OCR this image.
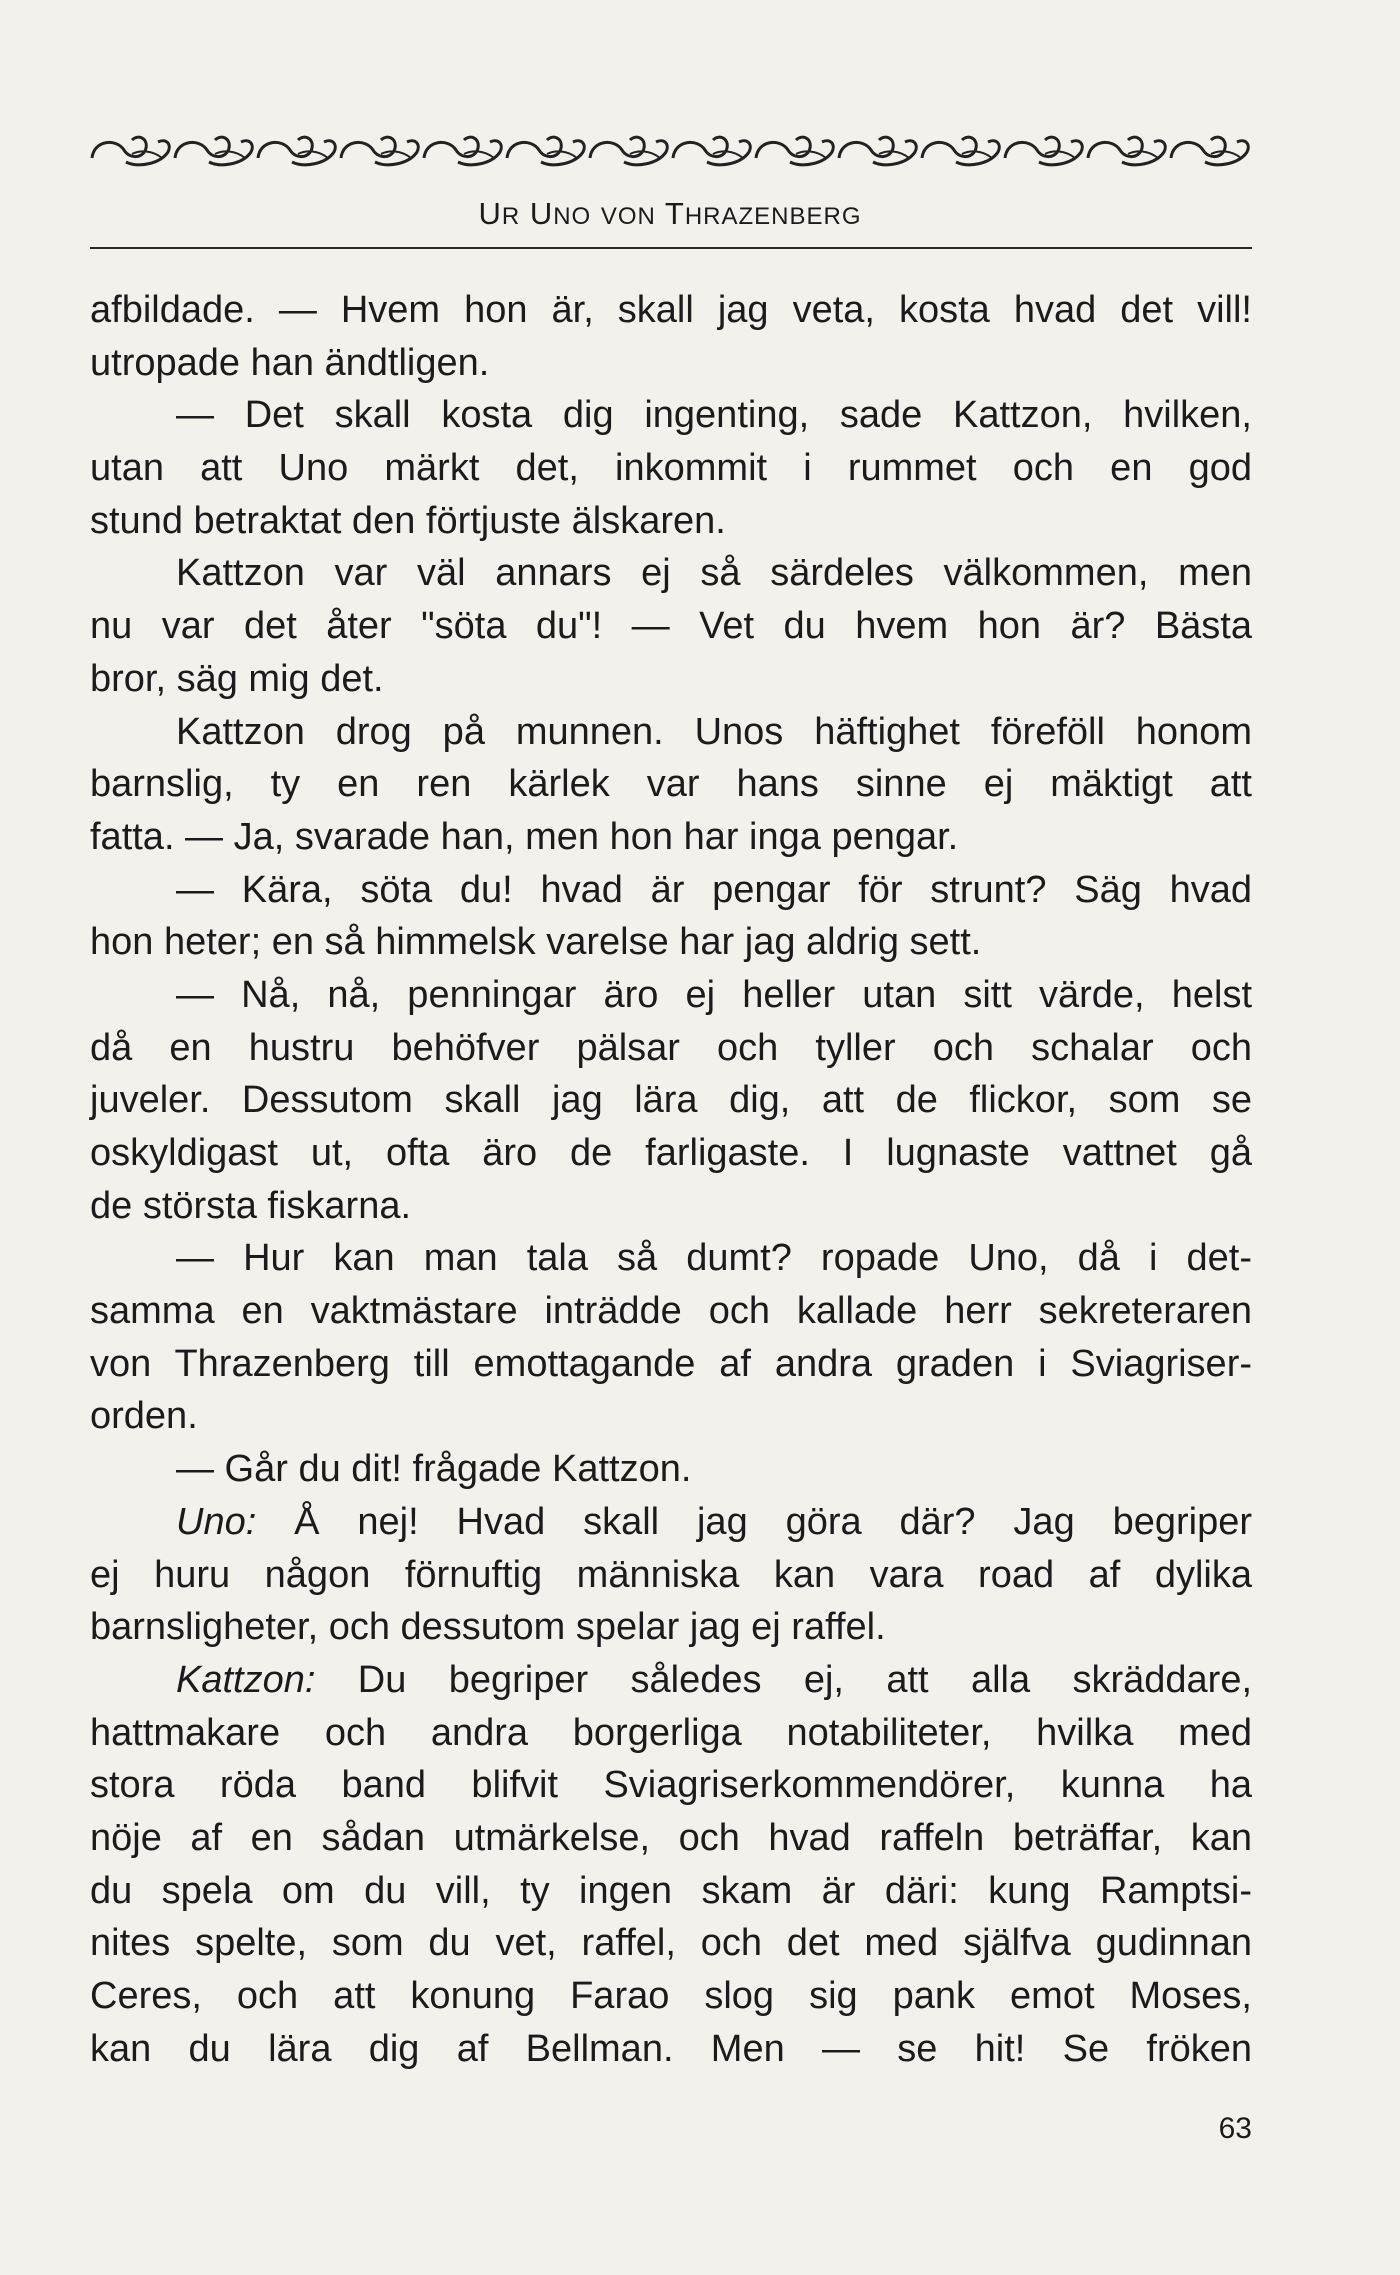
UR UNO VON THRAZENBERG
afbildade. — Hvem hon är, skall jag veta, kosta hvad det vill!
utropade han ändtligen.
— Det skall kosta dig ingenting, sade Kattzon, hvilken,
utan att Uno märkt det, inkommit i rummet och en god
stund betraktat den förtjuste älskaren.
Kattzon var väl annars ej så särdeles välkommen, men
nu var det åter "söta du"! — Vet du hvem hon är? Bästa
bror, säg mig det.
Kattzon drog på munnen. Unos häftighet föreföll honom
barnslig, ty en ren kärlek var hans sinne ej mäktigt att
fatta. — Ja, svarade han, men hon har inga pengar.
— Kära, söta du! hvad är pengar för strunt? Säg hvad
hon heter; en så himmelsk varelse har jag aldrig sett.
— Nå, nå, penningar äro ej heller utan sitt värde, helst
då en hustru behöfver pälsar och tyller och schalar och
juveler. Dessutom skall jag lära dig, att de flickor, som se
oskyldigast ut, ofta äro de farligaste. I lugnaste vattnet gå
de största fiskarna.
— Hur kan man tala så dumt? ropade Uno, då i det-
samma en vaktmästare inträdde och kallade herr sekreteraren
von Thrazenberg till emottagande af andra graden i Sviagriser-
orden.
— Går du dit! frågade Kattzon.
Uno: Å nej! Hvad skall jag göra där? Jag begriper
ej huru någon förnuftig människa kan vara road af dylika
barnsligheter, och dessutom spelar jag ej raffel.
Kattzon: Du begriper således ej, att alla skräddare,
hattmakare och andra borgerliga notabiliteter, hvilka med
stora röda band blifvit Sviagriserkommendörer, kunna ha
nöje af en sådan utmärkelse, och hvad raffeln beträffar, kan
du spela om du vill, ty ingen skam är däri: kung Ramptsi-
nites spelte, som du vet, raffel, och det med själfva gudinnan
Ceres, och att konung Farao slog sig pank emot Moses,
kan du lära dig af Bellman. Men — se hit! Se fröken
63
